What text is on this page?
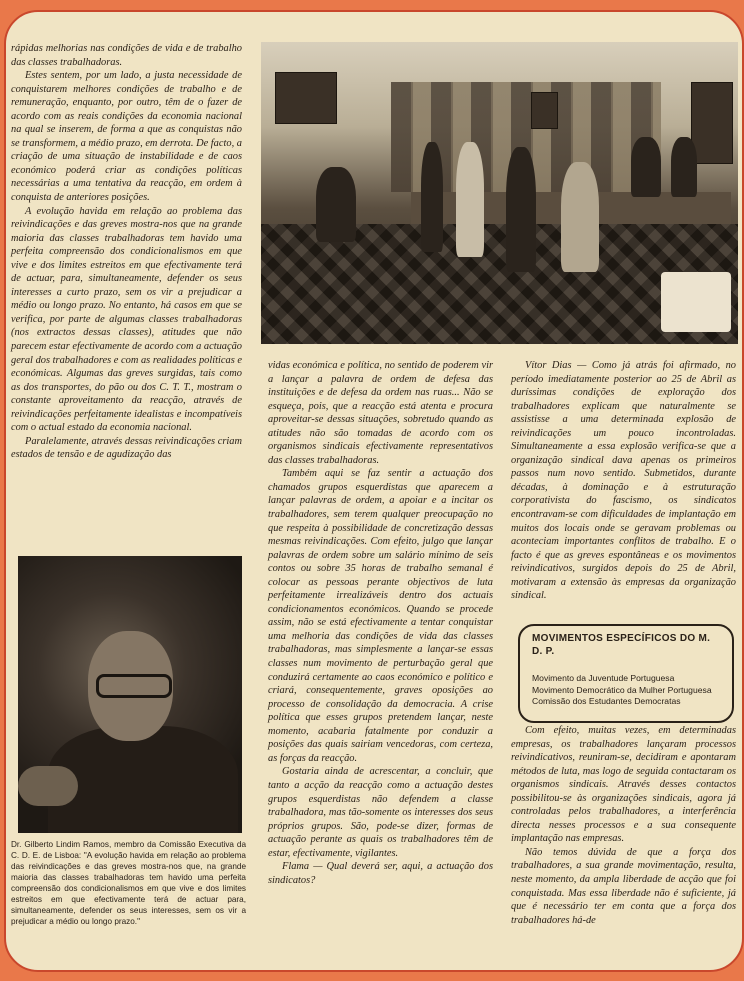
rápidas melhorias nas condições de vida e de trabalho das classes trabalhadoras.

Estes sentem, por um lado, a justa necessidade de conquistarem melhores condições de trabalho e de remuneração, enquanto, por outro, têm de o fazer de acordo com as reais condições da economia nacional na qual se inserem, de forma a que as conquistas não se transformem, a médio prazo, em derrota. De facto, a criação de uma situação de instabilidade e de caos económico poderá criar as condições políticas necessárias a uma tentativa da reacção, em ordem à conquista de anteriores posições.

A evolução havida em relação ao problema das reivindicações e das greves mostra-nos que na grande maioria das classes trabalhadoras tem havido uma perfeita compreensão dos condicionalismos em que vive e dos limites estreitos em que efectivamente terá de actuar, para, simultaneamente, defender os seus interesses a curto prazo, sem os vir a prejudicar a médio ou longo prazo. No entanto, há casos em que se verifica, por parte de algumas classes trabalhadoras (nos extractos dessas classes), atitudes que não parecem estar efectivamente de acordo com a actuação geral dos trabalhadores e com as realidades políticas e económicas. Algumas das greves surgidas, tais como as dos transportes, do pão ou dos C. T. T., mostram o constante aproveitamento da reacção, através de reivindicações perfeitamente idealistas e incompatíveis com o actual estado da economia nacional.

Paralelamente, através dessas reivindicações criam estados de tensão e de agudização das

vidas económica e política, no sentido de poderem vir a lançar a palavra de ordem de defesa das instituições e de defesa da ordem nas ruas... Não se esqueça, pois, que a reacção está atenta e procura aproveitar-se dessas situações, sobretudo quando as atitudes não são tomadas de acordo com os organismos sindicais efectivamente representativos das classes trabalhadoras.

Também aqui se faz sentir a actuação dos chamados grupos esquerdistas que aparecem a lançar palavras de ordem, a apoiar e a incitar os trabalhadores, sem terem qualquer preocupação no que respeita à possibilidade de concretização dessas mesmas reivindicações. Com efeito, julgo que lançar palavras de ordem sobre um salário mínimo de seis contos ou sobre 35 horas de trabalho semanal é colocar as pessoas perante objectivos de luta perfeitamente irrealizáveis dentro dos actuais condicionamentos económicos. Quando se procede assim, não se está efectivamente a tentar conquistar uma melhoria das condições de vida das classes trabalhadoras, mas simplesmente a lançar-se essas classes num movimento de perturbação geral que conduzirá certamente ao caos económico e político e criará, consequentemente, graves oposições ao processo de consolidação da democracia. A crise política que esses grupos pretendem lançar, neste momento, acabaria fatalmente por conduzir a posições das quais sairiam vencedoras, com certeza, as forças da reacção.

Gostaria ainda de acrescentar, a concluir, que tanto a acção da reacção como a actuação destes grupos esquerdistas não defendem a classe trabalhadora, mas tão-somente os interesses dos seus próprios grupos. São, pode-se dizer, formas de actuação perante as quais os trabalhadores têm de estar, efectivamente, vigilantes.

Flama — Qual deverá ser, aqui, a actuação dos sindicatos?

Vítor Dias — Como já atrás foi afirmado, no período imediatamente posterior ao 25 de Abril as duríssimas condições de exploração dos trabalhadores explicam que naturalmente se assistisse a uma determinada explosão de reivindicações um pouco incontroladas. Simultaneamente a essa explosão verifica-se que a organização sindical dava apenas os primeiros passos num novo sentido. Submetidos, durante décadas, à dominação e à estruturação corporativista do fascismo, os sindicatos encontravam-se com dificuldades de implantação em muitos dos locais onde se geravam problemas ou aconteciam importantes conflitos de trabalho. E o facto é que as greves espontâneas e os movimentos reivindicativos, surgidos depois do 25 de Abril, motivaram a extensão às empresas da organização sindical.

MOVIMENTOS ESPECÍFICOS DO M. D. P.
Movimento da Juventude Portuguesa
Movimento Democrático da Mulher Portuguesa
Comissão dos Estudantes Democratas

Com efeito, muitas vezes, em determinadas empresas, os trabalhadores lançaram processos reivindicativos, reuniram-se, decidiram e apontaram métodos de luta, mas logo de seguida contactaram os organismos sindicais. Através desses contactos possibilitou-se às organizações sindicais, agora já controladas pelos trabalhadores, a interferência directa nesses processos e a sua consequente implantação nas empresas.

Não temos dúvida de que a força dos trabalhadores, a sua grande movimentação, resulta, neste momento, da ampla liberdade de acção que foi conquistada. Mas essa liberdade não é suficiente, já que é necessário ter em conta que a força dos trabalhadores há-de

Dr. Gilberto Lindim Ramos, membro da Comissão Executiva da C. D. E. de Lisboa: "A evolução havida em relação ao problema das reivindicações e das greves mostra-nos que, na grande maioria das classes trabalhadoras tem havido uma perfeita compreensão dos condicionalismos em que vive e dos limites estreitos em que efectivamente terá de actuar para, simultaneamente, defender os seus interesses, sem os vir a prejudicar a médio ou longo prazo."
